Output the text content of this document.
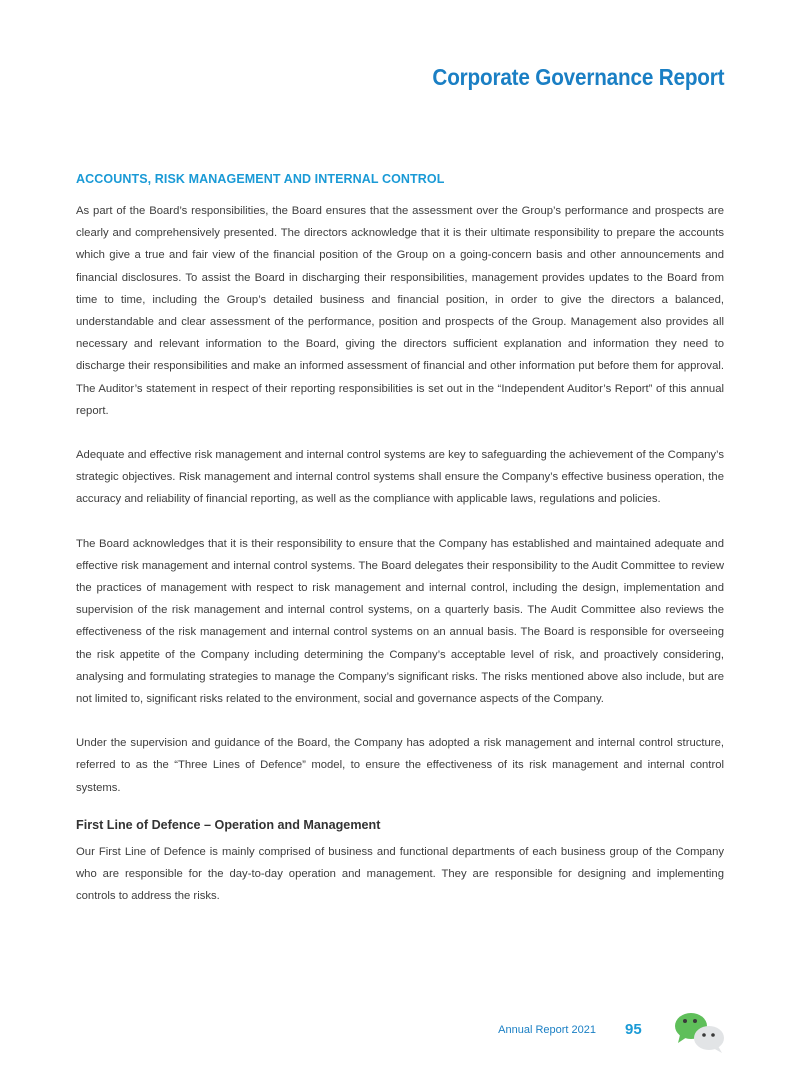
Corporate Governance Report
ACCOUNTS, RISK MANAGEMENT AND INTERNAL CONTROL

As part of the Board’s responsibilities, the Board ensures that the assessment over the Group’s performance and prospects are clearly and comprehensively presented. The directors acknowledge that it is their ultimate responsibility to prepare the accounts which give a true and fair view of the financial position of the Group on a going-concern basis and other announcements and financial disclosures. To assist the Board in discharging their responsibilities, management provides updates to the Board from time to time, including the Group’s detailed business and financial position, in order to give the directors a balanced, understandable and clear assessment of the performance, position and prospects of the Group. Management also provides all necessary and relevant information to the Board, giving the directors sufficient explanation and information they need to discharge their responsibilities and make an informed assessment of financial and other information put before them for approval. The Auditor’s statement in respect of their reporting responsibilities is set out in the “Independent Auditor’s Report” of this annual report.

Adequate and effective risk management and internal control systems are key to safeguarding the achievement of the Company’s strategic objectives. Risk management and internal control systems shall ensure the Company’s effective business operation, the accuracy and reliability of financial reporting, as well as the compliance with applicable laws, regulations and policies.

The Board acknowledges that it is their responsibility to ensure that the Company has established and maintained adequate and effective risk management and internal control systems. The Board delegates their responsibility to the Audit Committee to review the practices of management with respect to risk management and internal control, including the design, implementation and supervision of the risk management and internal control systems, on a quarterly basis. The Audit Committee also reviews the effectiveness of the risk management and internal control systems on an annual basis. The Board is responsible for overseeing the risk appetite of the Company including determining the Company’s acceptable level of risk, and proactively considering, analysing and formulating strategies to manage the Company’s significant risks. The risks mentioned above also include, but are not limited to, significant risks related to the environment, social and governance aspects of the Company.

Under the supervision and guidance of the Board, the Company has adopted a risk management and internal control structure, referred to as the “Three Lines of Defence” model, to ensure the effectiveness of its risk management and internal control systems.

First Line of Defence – Operation and Management

Our First Line of Defence is mainly comprised of business and functional departments of each business group of the Company who are responsible for the day-to-day operation and management. They are responsible for designing and implementing controls to address the risks.

Annual Report 2021 95
